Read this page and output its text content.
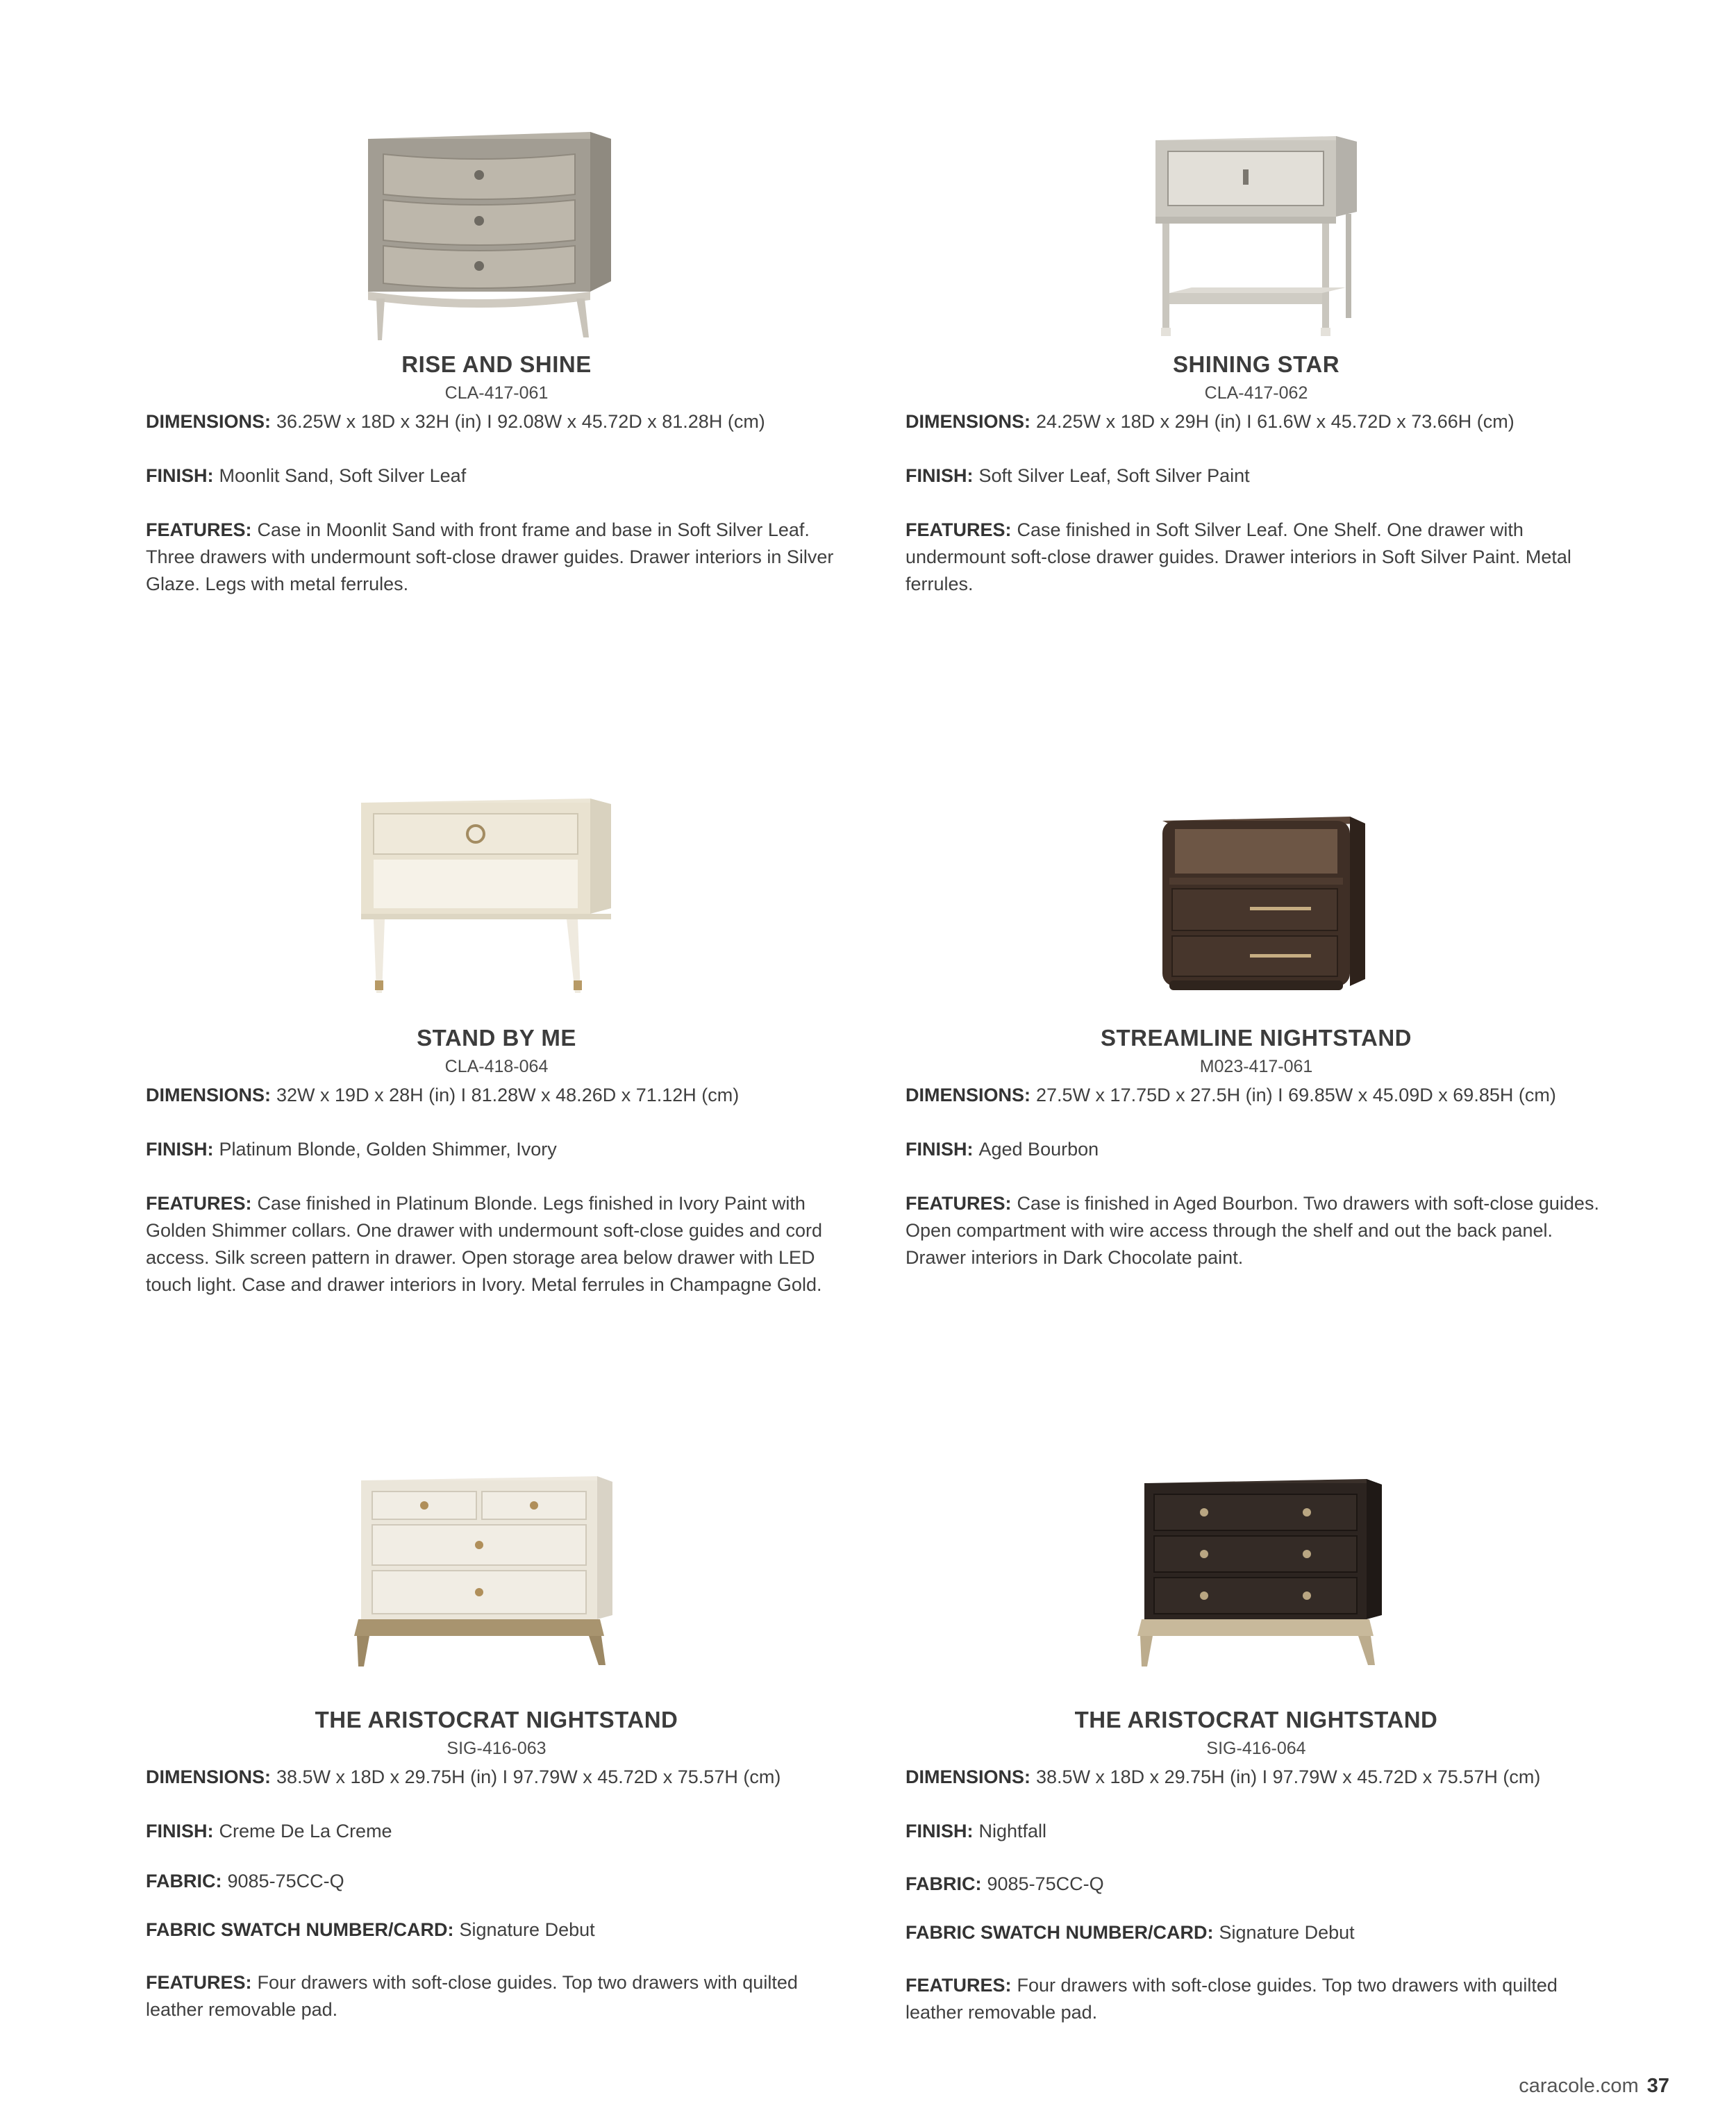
RISE AND SHINE
CLA-417-061
DIMENSIONS: 36.25W x 18D x 32H (in) I 92.08W x 45.72D x 81.28H (cm)
FINISH: Moonlit Sand, Soft Silver Leaf
FEATURES: Case in Moonlit Sand with front frame and base in Soft Silver Leaf. Three drawers with undermount soft-close drawer guides. Drawer interiors in Silver Glaze. Legs with metal ferrules.
SHINING STAR
CLA-417-062
DIMENSIONS: 24.25W x 18D x 29H (in) I 61.6W x 45.72D x 73.66H (cm)
FINISH: Soft Silver Leaf, Soft Silver Paint
FEATURES: Case finished in Soft Silver Leaf. One Shelf. One drawer with undermount soft-close drawer guides. Drawer interiors in Soft Silver Paint. Metal ferrules.
STAND BY ME
CLA-418-064
DIMENSIONS: 32W x 19D x 28H (in) I 81.28W x 48.26D x 71.12H (cm)
FINISH: Platinum Blonde, Golden Shimmer, Ivory
FEATURES: Case finished in Platinum Blonde. Legs finished in Ivory Paint with Golden Shimmer collars. One drawer with undermount soft-close guides and cord access. Silk screen pattern in drawer. Open storage area below drawer with LED touch light. Case and drawer interiors in Ivory. Metal ferrules in Champagne Gold.
STREAMLINE NIGHTSTAND
M023-417-061
DIMENSIONS: 27.5W x 17.75D x 27.5H (in) I 69.85W x 45.09D x 69.85H (cm)
FINISH: Aged Bourbon
FEATURES: Case is finished in Aged Bourbon. Two drawers with soft-close guides. Open compartment with wire access through the shelf and out the back panel. Drawer interiors in Dark Chocolate paint.
THE ARISTOCRAT NIGHTSTAND
SIG-416-063
DIMENSIONS: 38.5W x 18D x 29.75H (in) I 97.79W x 45.72D x 75.57H (cm)
FINISH: Creme De La Creme
FABRIC: 9085-75CC-Q
FABRIC SWATCH NUMBER/CARD: Signature Debut
FEATURES: Four drawers with soft-close guides. Top two drawers with quilted leather removable pad.
THE ARISTOCRAT NIGHTSTAND
SIG-416-064
DIMENSIONS: 38.5W x 18D x 29.75H (in) I 97.79W x 45.72D x 75.57H (cm)
FINISH: Nightfall
FABRIC: 9085-75CC-Q
FABRIC SWATCH NUMBER/CARD: Signature Debut
FEATURES: Four drawers with soft-close guides. Top two drawers with quilted leather removable pad.
caracole.com 37
